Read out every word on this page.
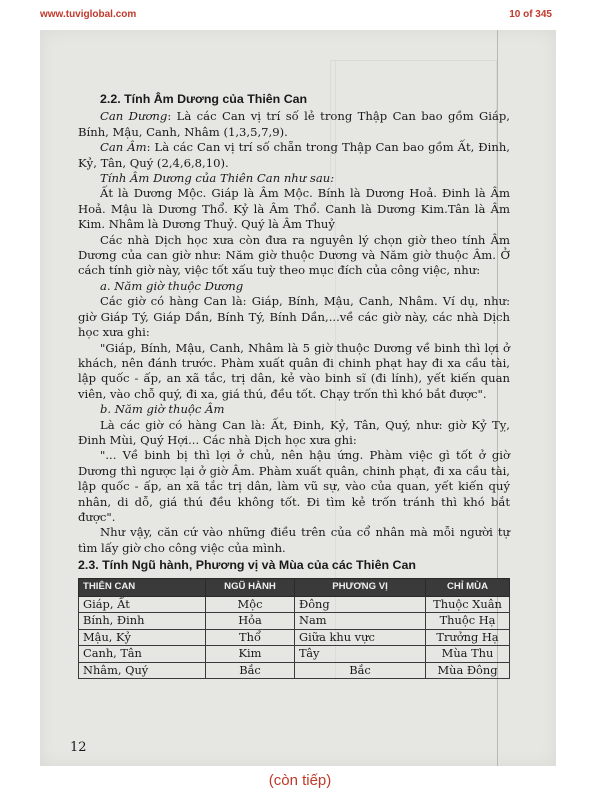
www.tuviglobal.com	10 of 345

2.2. Tính Âm Dương của Thiên Can

Can Dương: Là các Can vị trí số lẻ trong Thập Can bao gồm Giáp, Bính, Mậu, Canh, Nhâm (1,3,5,7,9).

Can Âm: Là các Can vị trí số chẵn trong Thập Can bao gồm Ất, Đinh, Kỷ, Tân, Quý (2,4,6,8,10).

Tính Âm Dương của Thiên Can như sau:

Ất là Dương Mộc. Giáp là Âm Mộc. Bính là Dương Hoả. Đinh là Âm Hoả. Mậu là Dương Thổ. Kỷ là Âm Thổ. Canh là Dương Kim.Tân là Âm Kim. Nhâm là Dương Thuỷ. Quý là Âm Thuỷ

Các nhà Dịch học xưa còn đưa ra nguyên lý chọn giờ theo tính Âm Dương của can giờ như: Năm giờ thuộc Dương và Năm giờ thuộc Âm. Ở cách tính giờ này, việc tốt xấu tuỳ theo mục đích của công việc, như:

a. Năm giờ thuộc Dương

Các giờ có hàng Can là: Giáp, Bính, Mậu, Canh, Nhâm. Ví dụ, như: giờ Giáp Tý, Giáp Dần, Bính Tý, Bính Dần,...về các giờ này, các nhà Dịch học xưa ghi:

"Giáp, Bính, Mậu, Canh, Nhâm là 5 giờ thuộc Dương về binh thì lợi ở khách, nên đánh trước. Phàm xuất quân đi chinh phạt hay đi xa cầu tài, lập quốc - ấp, an xã tắc, trị dân, kẻ vào binh sĩ (đi lính), yết kiến quan viên, vào chỗ quý, đi xa, giá thú, đều tốt. Chạy trốn thì khó bắt được".

b. Năm giờ thuộc Âm

Là các giờ có hàng Can là: Ất, Đinh, Kỷ, Tân, Quý, như: giờ Kỷ Tỵ, Đinh Mùi, Quý Hợi... Các nhà Dịch học xưa ghi:

"... Về binh bị thì lợi ở chủ, nên hậu ứng. Phàm việc gì tốt ở giờ Dương thì ngược lại ở giờ Âm. Phàm xuất quân, chinh phạt, đi xa cầu tài, lập quốc - ấp, an xã tắc trị dân, làm vũ sự, vào của quan, yết kiến quý nhân, di dỗ, giá thú đều không tốt. Đi tìm kẻ trốn tránh thì khó bắt được".

Như vậy, căn cứ vào những điều trên của cổ nhân mà mỗi người tự tìm lấy giờ cho công việc của mình.

2.3. Tính Ngũ hành, Phương vị và Mùa của các Thiên Can

THIÊN CAN	NGŨ HÀNH	PHƯƠNG VỊ	CHỈ MÙA
Giáp, Ất	Mộc	Đông	Thuộc Xuân
Bính, Đinh	Hỏa	Nam	Thuộc Hạ
Mậu, Kỷ	Thổ	Giữa khu vực	Trưởng Hạ
Canh, Tân	Kim	Tây	Mùa Thu
Nhâm, Quý	Bắc	Bắc	Mùa Đông
12
(còn tiếp)
